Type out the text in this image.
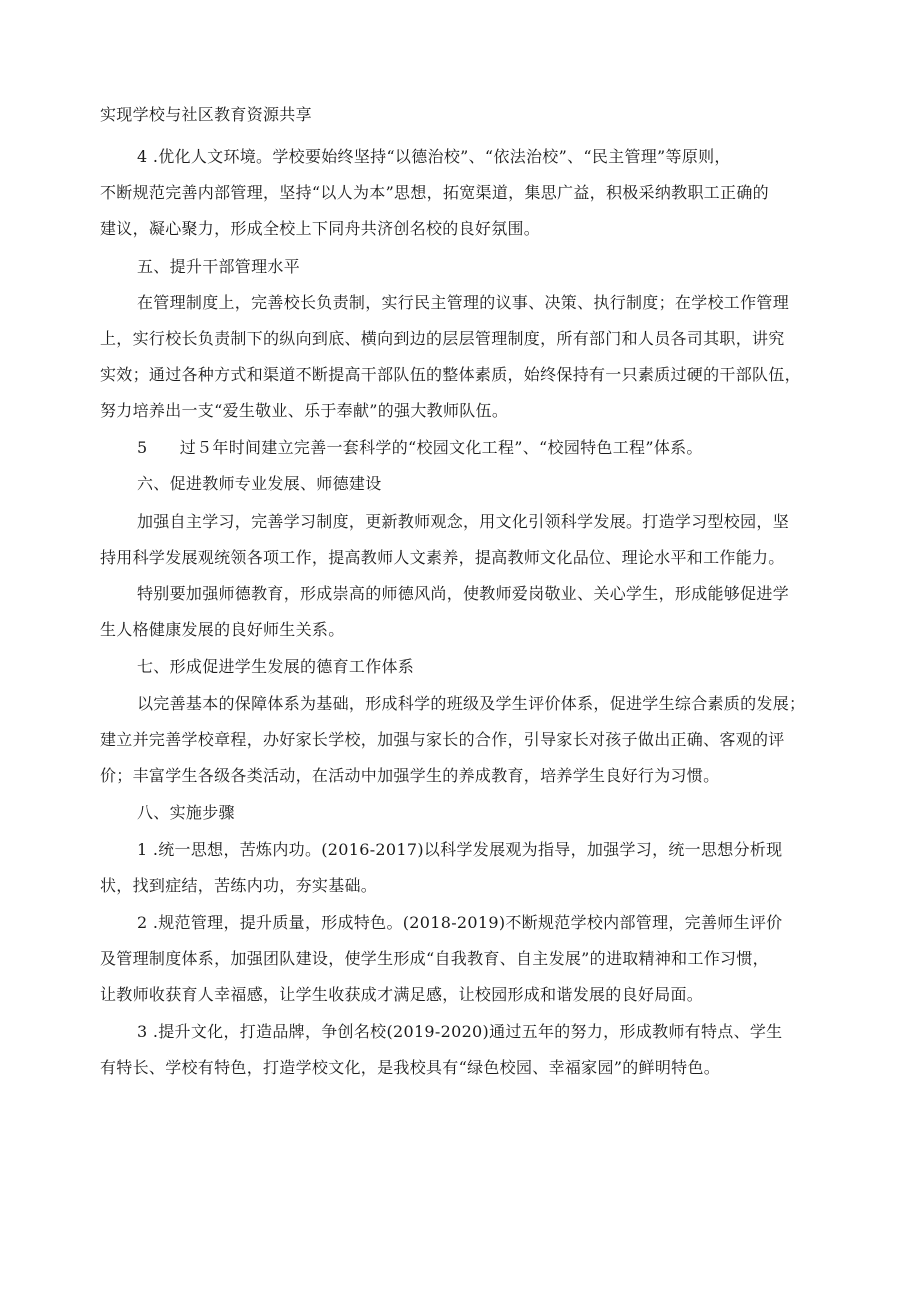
实现学校与社区教育资源共享
4 .优化人文环境。学校要始终坚持“以德治校”、“依法治校”、“民主管理”等原则，
不断规范完善内部管理，坚持“以人为本”思想，拓宽渠道，集思广益，积极采纳教职工正确的
建议，凝心聚力，形成全校上下同舟共济创名校的良好氛围。
五、提升干部管理水平
在管理制度上，完善校长负责制，实行民主管理的议事、决策、执行制度；在学校工作管理
上，实行校长负责制下的纵向到底、横向到边的层层管理制度，所有部门和人员各司其职，讲究
实效；通过各种方式和渠道不断提高干部队伍的整体素质，始终保持有一只素质过硬的干部队伍，
努力培养出一支“爱生敬业、乐于奉献”的强大教师队伍。
5      过５年时间建立完善一套科学的“校园文化工程”、“校园特色工程”体系。
六、促进教师专业发展、师德建设
加强自主学习，完善学习制度，更新教师观念，用文化引领科学发展。打造学习型校园，坚
持用科学发展观统领各项工作，提高教师人文素养，提高教师文化品位、理论水平和工作能力。
特别要加强师德教育，形成崇高的师德风尚，使教师爱岗敬业、关心学生，形成能够促进学
生人格健康发展的良好师生关系。
七、形成促进学生发展的德育工作体系
以完善基本的保障体系为基础，形成科学的班级及学生评价体系，促进学生综合素质的发展；
建立并完善学校章程，办好家长学校，加强与家长的合作，引导家长对孩子做出正确、客观的评
价；丰富学生各级各类活动，在活动中加强学生的养成教育，培养学生良好行为习惯。
八、实施步骤
1 .统一思想，苦炼内功。(2016-2017)以科学发展观为指导，加强学习，统一思想分析现
状，找到症结，苦练内功，夯实基础。
2 .规范管理，提升质量，形成特色。(2018-2019)不断规范学校内部管理，完善师生评价
及管理制度体系，加强团队建设，使学生形成“自我教育、自主发展”的进取精神和工作习惯，
让教师收获育人幸福感，让学生收获成才满足感，让校园形成和谐发展的良好局面。
3 .提升文化，打造品牌，争创名校(2019-2020)通过五年的努力，形成教师有特点、学生
有特长、学校有特色，打造学校文化，是我校具有“绿色校园、幸福家园”的鲜明特色。
